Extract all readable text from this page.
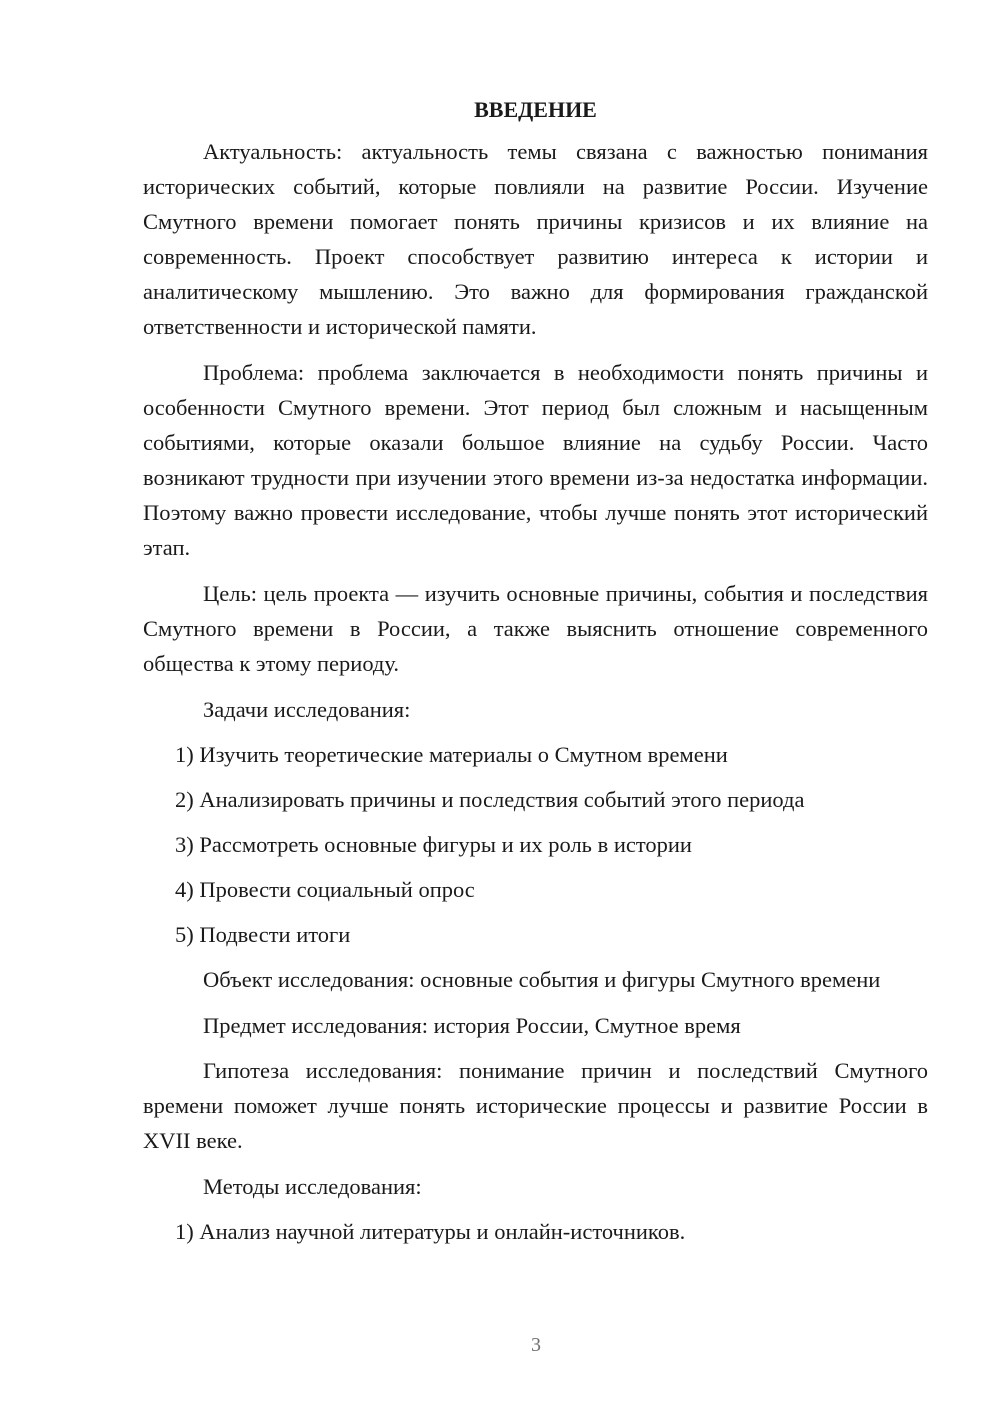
ВВЕДЕНИЕ

Актуальность: актуальность темы связана с важностью понимания исторических событий, которые повлияли на развитие России. Изучение Смутного времени помогает понять причины кризисов и их влияние на современность. Проект способствует развитию интереса к истории и аналитическому мышлению. Это важно для формирования гражданской ответственности и исторической памяти.

Проблема: проблема заключается в необходимости понять причины и особенности Смутного времени. Этот период был сложным и насыщенным событиями, которые оказали большое влияние на судьбу России. Часто возникают трудности при изучении этого времени из-за недостатка информации. Поэтому важно провести исследование, чтобы лучше понять этот исторический этап.

Цель: цель проекта — изучить основные причины, события и последствия Смутного времени в России, а также выяснить отношение современного общества к этому периоду.

Задачи исследования:

1) Изучить теоретические материалы о Смутном времени
2) Анализировать причины и последствия событий этого периода
3) Рассмотреть основные фигуры и их роль в истории
4) Провести социальный опрос
5) Подвести итоги

Объект исследования: основные события и фигуры Смутного времени

Предмет исследования: история России, Смутное время

Гипотеза исследования: понимание причин и последствий Смутного времени поможет лучше понять исторические процессы и развитие России в XVII веке.

Методы исследования:

1) Анализ научной литературы и онлайн-источников.
3
